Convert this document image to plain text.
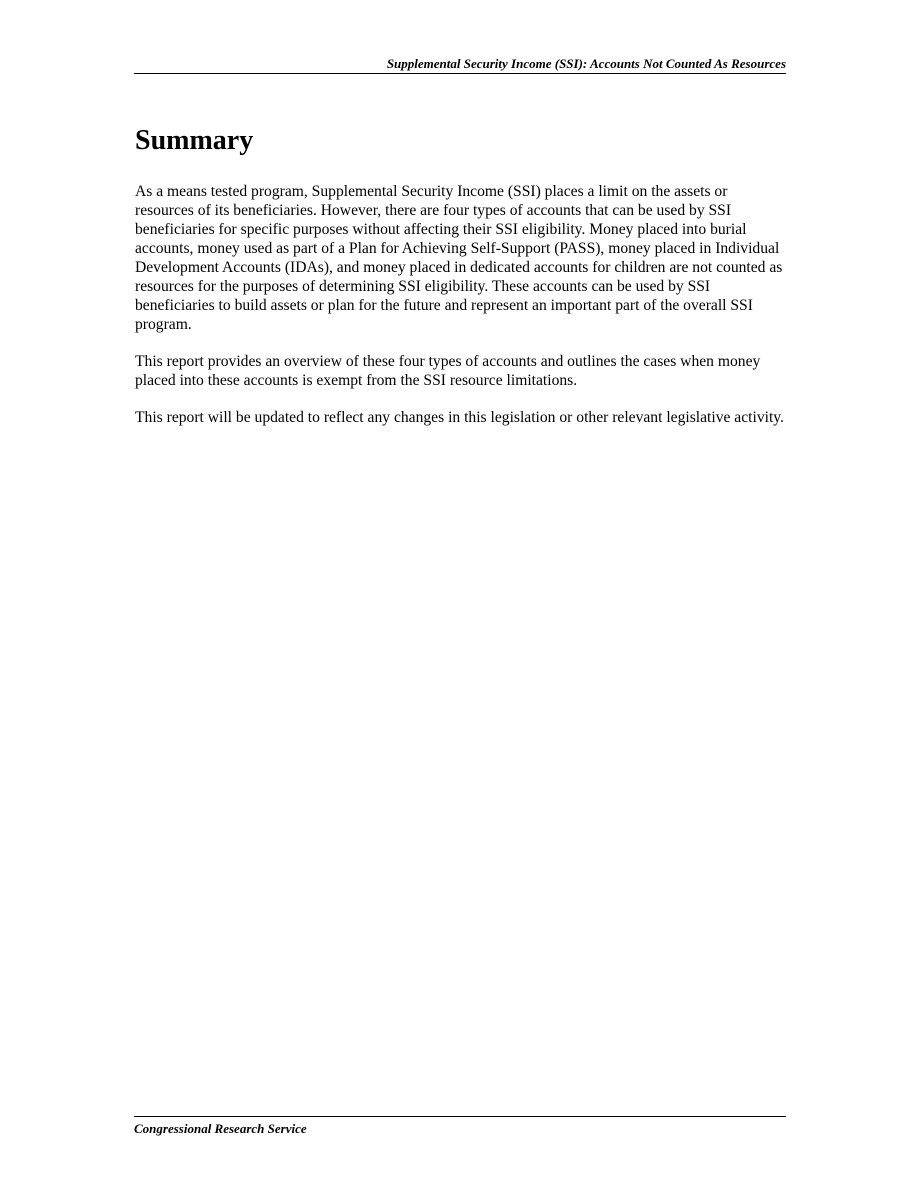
Supplemental Security Income (SSI): Accounts Not Counted As Resources
Summary

As a means tested program, Supplemental Security Income (SSI) places a limit on the assets or resources of its beneficiaries. However, there are four types of accounts that can be used by SSI beneficiaries for specific purposes without affecting their SSI eligibility. Money placed into burial accounts, money used as part of a Plan for Achieving Self-Support (PASS), money placed in Individual Development Accounts (IDAs), and money placed in dedicated accounts for children are not counted as resources for the purposes of determining SSI eligibility. These accounts can be used by SSI beneficiaries to build assets or plan for the future and represent an important part of the overall SSI program.

This report provides an overview of these four types of accounts and outlines the cases when money placed into these accounts is exempt from the SSI resource limitations.

This report will be updated to reflect any changes in this legislation or other relevant legislative activity.

Congressional Research Service
